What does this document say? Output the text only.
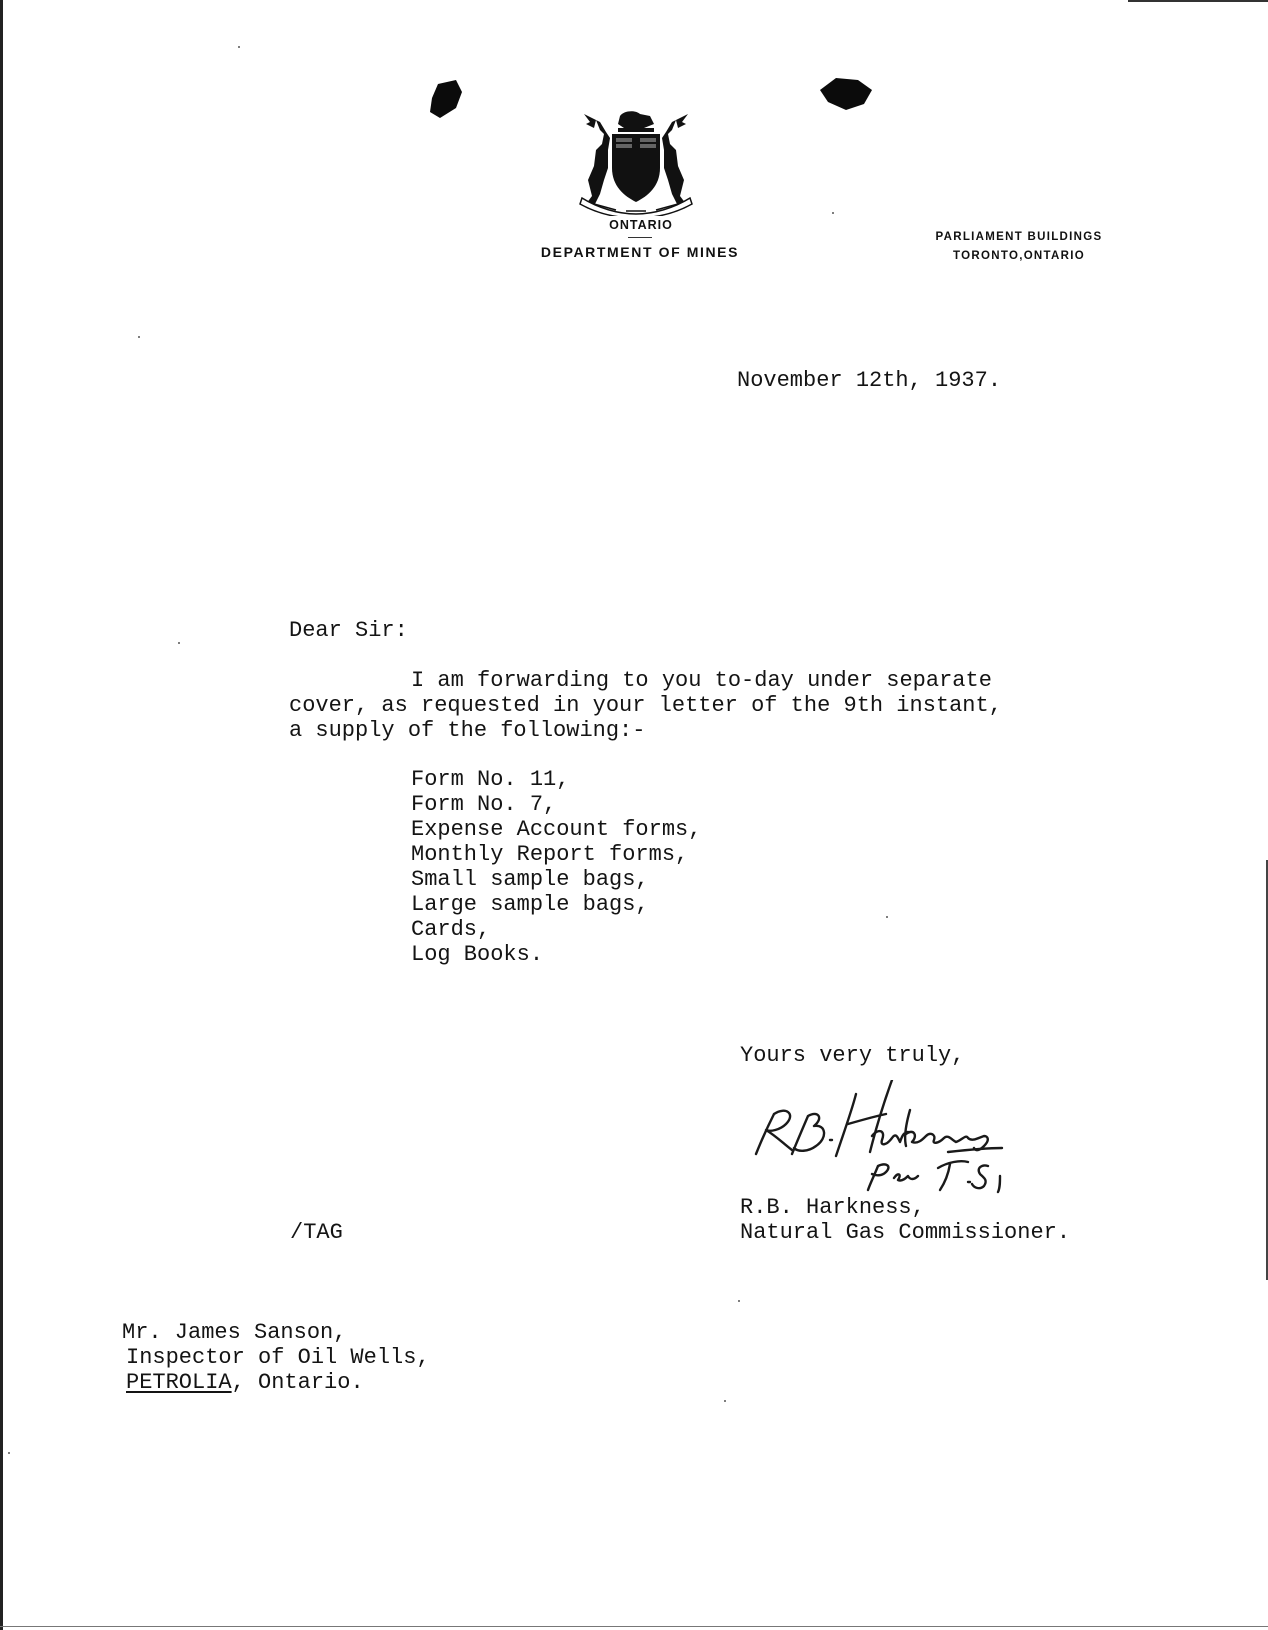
ONTARIO
DEPARTMENT OF MINES
PARLIAMENT BUILDINGS
TORONTO,ONTARIO
November 12th, 1937.
Dear Sir:
I am forwarding to you to-day under separate
cover, as requested in your letter of the 9th instant,
a supply of the following:-
Form No. 11,
Form No. 7,
Expense Account forms,
Monthly Report forms,
Small sample bags,
Large sample bags,
Cards,
Log Books.
Yours very truly,
R.B. Harkness,
Natural Gas Commissioner.
/TAG
Mr. James Sanson,
Inspector of Oil Wells,
PETROLIA, Ontario.
